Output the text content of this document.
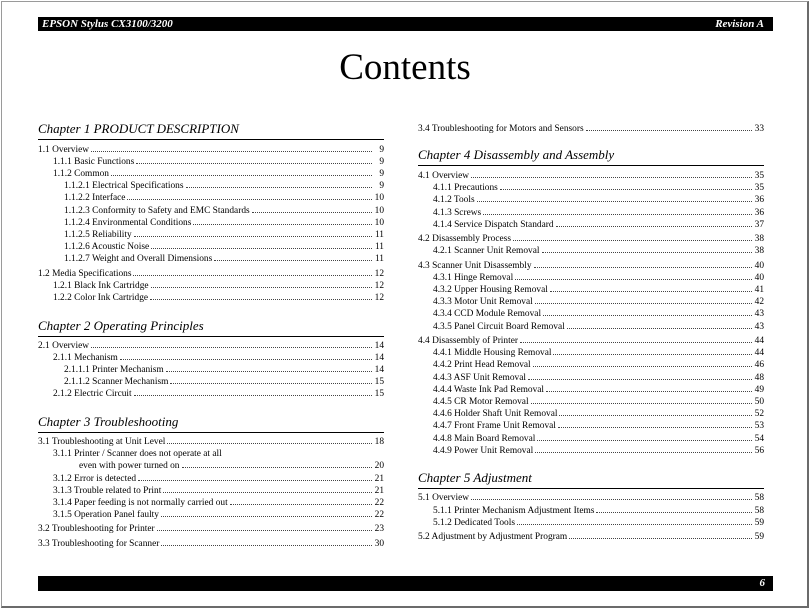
EPSON Stylus CX3100/3200	Revision A
Contents
Chapter 1 PRODUCT DESCRIPTION
1.1 Overview	9
1.1.1 Basic Functions	9
1.1.2 Common	9
1.1.2.1 Electrical Specifications	9
1.1.2.2 Interface	10
1.1.2.3 Conformity to Safety and EMC Standards	10
1.1.2.4 Environmental Conditions	10
1.1.2.5 Reliability	11
1.1.2.6 Acoustic Noise	11
1.1.2.7 Weight and Overall Dimensions	11
1.2 Media Specifications	12
1.2.1 Black Ink Cartridge	12
1.2.2 Color Ink Cartridge	12
Chapter 2 Operating Principles
2.1 Overview	14
2.1.1 Mechanism	14
2.1.1.1 Printer Mechanism	14
2.1.1.2 Scanner Mechanism	15
2.1.2 Electric Circuit	15
Chapter 3 Troubleshooting
3.1 Troubleshooting at Unit Level	18
3.1.1 Printer / Scanner does not operate at all
even with power turned on	20
3.1.2 Error is detected	21
3.1.3 Trouble related to Print	21
3.1.4 Paper feeding is not normally carried out	22
3.1.5 Operation Panel faulty	22
3.2 Troubleshooting for Printer	23
3.3 Troubleshooting for Scanner	30
3.4 Troubleshooting for Motors and Sensors	33
Chapter 4 Disassembly and Assembly
4.1 Overview	35
4.1.1 Precautions	35
4.1.2 Tools	36
4.1.3 Screws	36
4.1.4 Service Dispatch Standard	37
4.2 Disassembly Process	38
4.2.1 Scanner Unit Removal	38
4.3 Scanner Unit Disassembly	40
4.3.1 Hinge Removal	40
4.3.2 Upper Housing Removal	41
4.3.3 Motor Unit Removal	42
4.3.4 CCD Module Removal	43
4.3.5 Panel Circuit Board Removal	43
4.4 Disassembly of Printer	44
4.4.1 Middle Housing Removal	44
4.4.2 Print Head Removal	46
4.4.3 ASF Unit Removal	48
4.4.4 Waste Ink Pad Removal	49
4.4.5 CR Motor Removal	50
4.4.6 Holder Shaft Unit Removal	52
4.4.7 Front Frame Unit Removal	53
4.4.8 Main Board Removal	54
4.4.9 Power Unit Removal	56
Chapter 5 Adjustment
5.1 Overview	58
5.1.1 Printer Mechanism Adjustment Items	58
5.1.2 Dedicated Tools	59
5.2 Adjustment by Adjustment Program	59
6
